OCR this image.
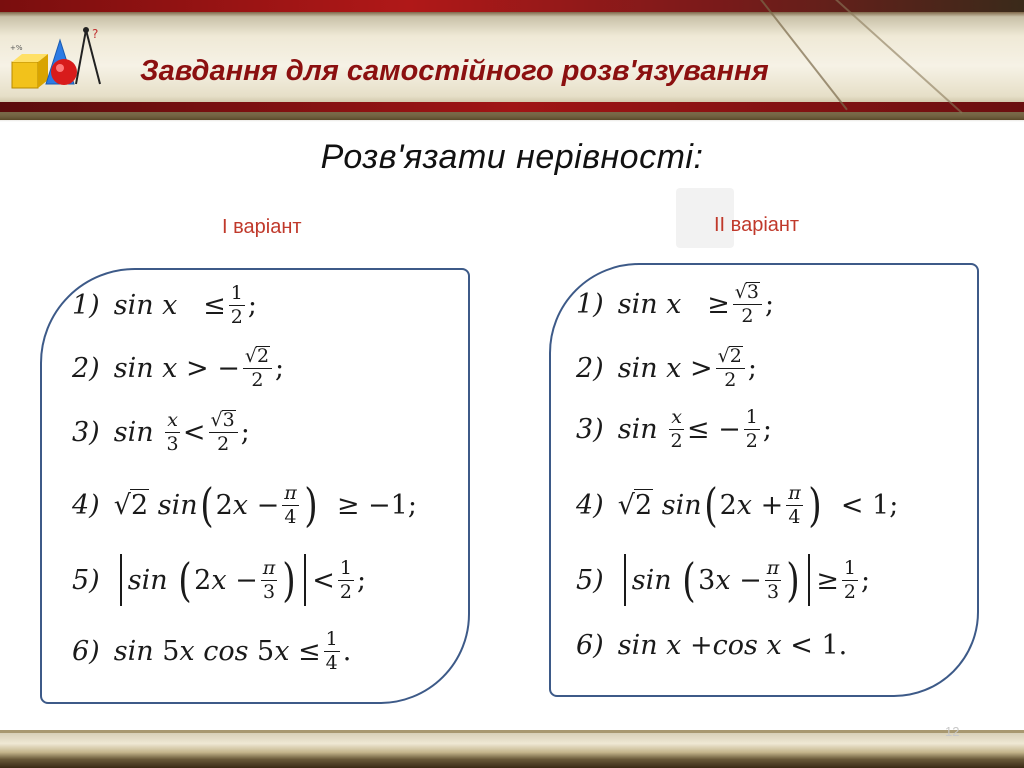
?
+%
Завдання для самостійного розв'язування
Розв'язати нерівності:
І варіант	ІІ варіант
1) $\sin x \le \frac{1}{2}$ ;
2) sin x > − $\frac{√2}{2}$ ;
3) sin
$\frac{x}{3} < \frac{√3}{2}$ ;
4) √ 2
sin ( 2 $x - \frac{\pi}{4}$ ) ≥ −1;
5) sin
( 2 $x - \frac{\pi}{3}$ ) < $\frac{1}{2}$ ;
6) sin 5 x
cos 5 $x \le \frac{1}{4}$ .
1) $\sin x \ge \frac{√3}{2}$ ;
2) $\sin x > \frac{√2}{2}$ ;
3) sin
$\frac{x}{2}$ ≤ − $\frac{1}{2}$ ;
4) √ 2
sin ( 2 $x + \frac{\pi}{4}$ ) < 1;
5) sin
( 3 $x - \frac{\pi}{3}$ ) ≥ $\frac{1}{2}$ ;
6) sin x + cos x < 1.
12
